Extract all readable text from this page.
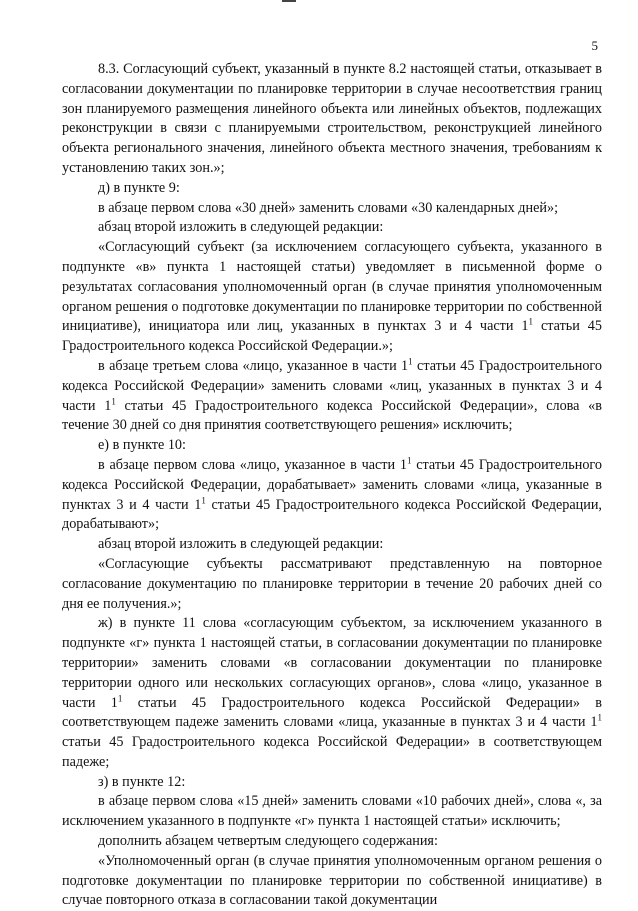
5

8.3. Согласующий субъект, указанный в пункте 8.2 настоящей статьи, отказывает в согласовании документации по планировке территории в случае несоответствия границ зон планируемого размещения линейного объекта или линейных объектов, подлежащих реконструкции в связи с планируемыми строительством, реконструкцией линейного объекта регионального значения, линейного объекта местного значения, требованиям к установлению таких зон.»;

д) в пункте 9:

в абзаце первом слова «30 дней» заменить словами «30 календарных дней»;

абзац второй изложить в следующей редакции:

«Согласующий субъект (за исключением согласующего субъекта, указанного в подпункте «в» пункта 1 настоящей статьи) уведомляет в письменной форме о результатах согласования уполномоченный орган (в случае принятия уполномоченным органом решения о подготовке документации по планировке территории по собственной инициативе), инициатора или лиц, указанных в пунктах 3 и 4 части $1^1$ статьи 45 Градостроительного кодекса Российской Федерации.»;

в абзаце третьем слова «лицо, указанное в части $1^1$ статьи 45 Градостроительного кодекса Российской Федерации» заменить словами «лиц, указанных в пунктах 3 и 4 части $1^1$ статьи 45 Градостроительного кодекса Российской Федерации», слова «в течение 30 дней со дня принятия соответствующего решения» исключить;

е) в пункте 10:

в абзаце первом слова «лицо, указанное в части $1^1$ статьи 45 Градостроительного кодекса Российской Федерации, дорабатывает» заменить словами «лица, указанные в пунктах 3 и 4 части $1^1$ статьи 45 Градостроительного кодекса Российской Федерации, дорабатывают»;

абзац второй изложить в следующей редакции:

«Согласующие субъекты рассматривают представленную на повторное согласование документацию по планировке территории в течение 20 рабочих дней со дня ее получения.»;

ж) в пункте 11 слова «согласующим субъектом, за исключением указанного в подпункте «г» пункта 1 настоящей статьи, в согласовании документации по планировке территории» заменить словами «в согласовании документации по планировке территории одного или нескольких согласующих органов», слова «лицо, указанное в части $1^1$ статьи 45 Градостроительного кодекса Российской Федерации» в соответствующем падеже заменить словами «лица, указанные в пунктах 3 и 4 части $1^1$ статьи 45 Градостроительного кодекса Российской Федерации» в соответствующем падеже;

з) в пункте 12:

в абзаце первом слова «15 дней» заменить словами «10 рабочих дней», слова «, за исключением указанного в подпункте «г» пункта 1 настоящей статьи» исключить;

дополнить абзацем четвертым следующего содержания:

«Уполномоченный орган (в случае принятия уполномоченным органом решения о подготовке документации по планировке территории по собственной инициативе) в случае повторного отказа в согласовании такой документации
